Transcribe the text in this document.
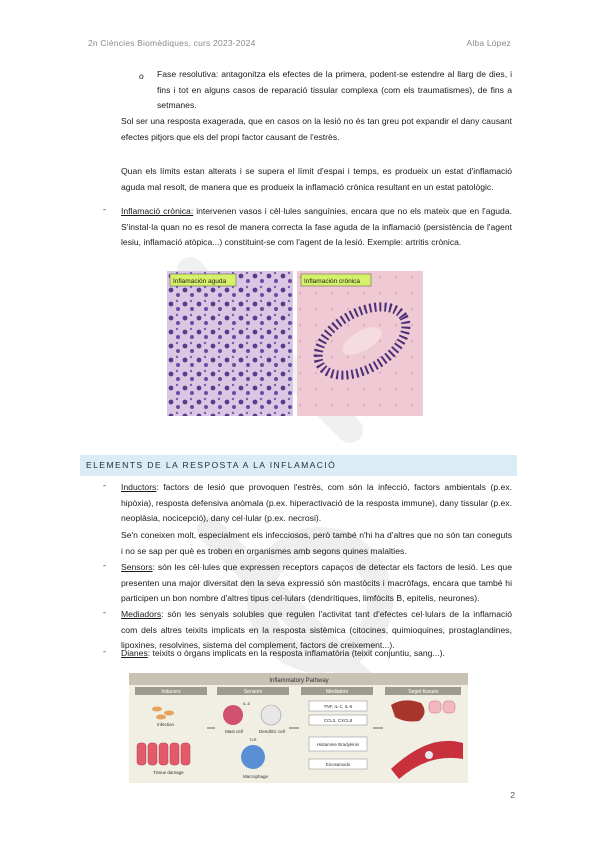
2n Ciències Biomèdiques, curs 2023-2024	Alba López
o Fase resolutiva: antagonitza els efectes de la primera, podent-se estendre al llarg de dies, i fins i tot en alguns casos de reparació tissular complexa (com els traumatismes), de fins a setmanes.
Sol ser una resposta exagerada, que en casos on la lesió no és tan greu pot expandir el dany causant efectes pitjors que els del propi factor causant de l'estrès.
Quan els límits estan alterats i se supera el límit d'espai i temps, es produeix un estat d'inflamació aguda mal resolt, de manera que es produeix la inflamació crònica resultant en un estat patològic.
- Inflamació crònica: intervenen vasos i cèl·lules sanguínies, encara que no els mateix que en l'aguda. S'instal·la quan no es resol de manera correcta la fase aguda de la inflamació (persistència de l'agent lesiu, inflamació atòpica...) constituint-se com l'agent de la lesió. Exemple: artritis crònica.
Inflamación aguda	Inflamación crónica
ELEMENTS DE LA RESPOSTA A LA INFLAMACIÓ
- Inductors: factors de lesió que provoquen l'estrès, com són la infecció, factors ambientals (p.ex. hipòxia), resposta defensiva anòmala (p.ex. hiperactivació de la resposta immune), dany tissular (p.ex. neoplàsia, nocicepció), dany cel·lular (p.ex. necrosi).
Se'n coneixen molt, especialment els infecciosos, però també n'hi ha d'altres que no són tan coneguts i no se sap per què es troben en organismes amb segons quines malalties.
- Sensors: són les cèl·lules que expressen receptors capaços de detectar els factors de lesió. Les que presenten una major diversitat den la seva expressió són mastòcits i macròfags, encara que també hi participen un bon nombre d'altres tipus cel·lulars (dendrítiques, limfòcits B, epitelis, neurones).
- Mediadors: són les senyals solubles que regulen l'activitat tant d'efectes cel·lulars de la inflamació com dels altres teixits implicats en la resposta sistèmica (citocines, quimioquines, prostaglandines, lipoxines, resolvines, sistema del complement, factors de creixement...).
- Dianes: teixits o òrgans implicats en la resposta inflamatòria (teixit conjuntiu, sang...).
Inflammatory Pathway
Inducers	Sensors	Mediators	Target tissues
Infection
Tissue damage
Mast cell	Dendritic cell
IL-6
Macrophage
TLR
TNF, IL-1, IL-6
CCL2, CXCL8
Histamine Bradykinin
Eicosanoids
2
